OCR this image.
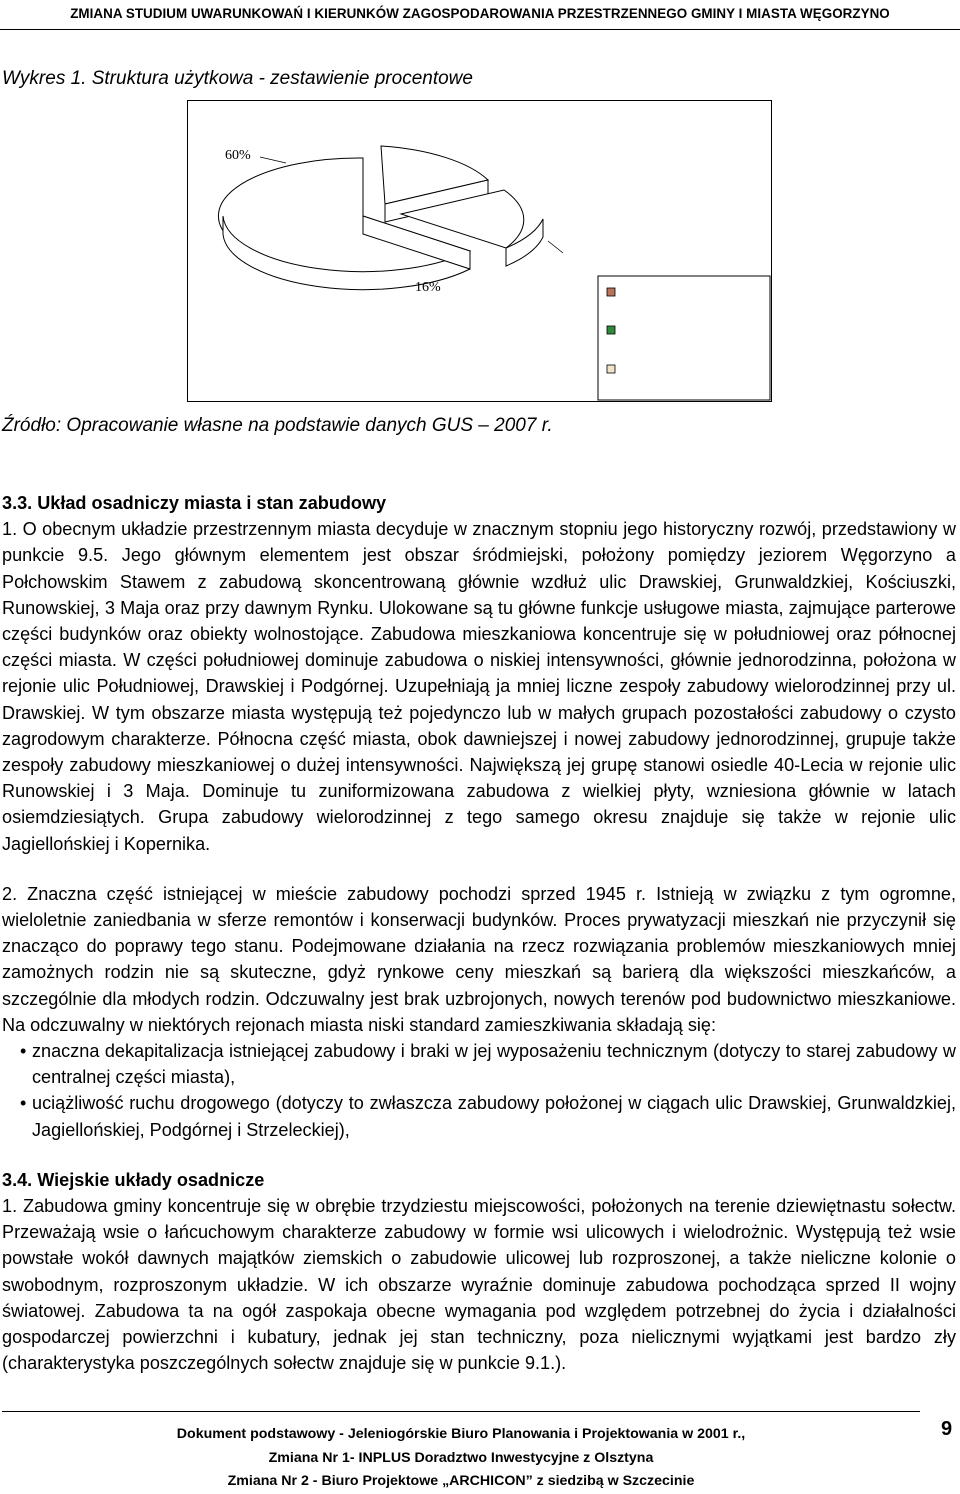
ZMIANA STUDIUM UWARUNKOWAŃ I KIERUNKÓW ZAGOSPODAROWANIA PRZESTRZENNEGO GMINY I MIASTA WĘGORZYNO
Wykres 1. Struktura użytkowa - zestawienie procentowe
60%
16%
Źródło: Opracowanie własne na podstawie danych GUS – 2007 r.

3.3. Układ osadniczy miasta i stan zabudowy

1. O obecnym układzie przestrzennym miasta decyduje w znacznym stopniu jego historyczny rozwój, przedstawiony w punkcie 9.5. Jego głównym elementem jest obszar śródmiejski, położony pomiędzy jeziorem Węgorzyno a Połchowskim Stawem z zabudową skoncentrowaną głównie wzdłuż ulic Drawskiej, Grunwaldzkiej, Kościuszki, Runowskiej, 3 Maja oraz przy dawnym Rynku. Ulokowane są tu główne funkcje usługowe miasta, zajmujące parterowe części budynków oraz obiekty wolnostojące. Zabudowa mieszkaniowa koncentruje się w południowej oraz północnej części miasta. W części południowej dominuje zabudowa o niskiej intensywności, głównie jednorodzinna, położona w rejonie ulic Południowej, Drawskiej i Podgórnej. Uzupełniają ja mniej liczne zespoły zabudowy wielorodzinnej przy ul. Drawskiej. W tym obszarze miasta występują też pojedynczo lub w małych grupach pozostałości zabudowy o czysto zagrodowym charakterze. Północna część miasta, obok dawniejszej i nowej zabudowy jednorodzinnej, grupuje także zespoły zabudowy mieszkaniowej o dużej intensywności. Największą jej grupę stanowi osiedle 40-Lecia w rejonie ulic Runowskiej i 3 Maja. Dominuje tu zuniformizowana zabudowa z wielkiej płyty, wzniesiona głównie w latach osiemdziesiątych. Grupa zabudowy wielorodzinnej z tego samego okresu znajduje się także w rejonie ulic Jagiellońskiej i Kopernika.

2. Znaczna część istniejącej w mieście zabudowy pochodzi sprzed 1945 r. Istnieją w związku z tym ogromne, wieloletnie zaniedbania w sferze remontów i konserwacji budynków. Proces prywatyzacji mieszkań nie przyczynił się znacząco do poprawy tego stanu. Podejmowane działania na rzecz rozwiązania problemów mieszkaniowych mniej zamożnych rodzin nie są skuteczne, gdyż rynkowe ceny mieszkań są barierą dla większości mieszkańców, a szczególnie dla młodych rodzin. Odczuwalny jest brak uzbrojonych, nowych terenów pod budownictwo mieszkaniowe. Na odczuwalny w niektórych rejonach miasta niski standard zamieszkiwania składają się:

• znaczna dekapitalizacja istniejącej zabudowy i braki w jej wyposażeniu technicznym (dotyczy to starej zabudowy w centralnej części miasta),
• uciążliwość ruchu drogowego (dotyczy to zwłaszcza zabudowy położonej w ciągach ulic Drawskiej, Grunwaldzkiej, Jagiellońskiej, Podgórnej i Strzeleckiej),

3.4. Wiejskie układy osadnicze

1. Zabudowa gminy koncentruje się w obrębie trzydziestu miejscowości, położonych na terenie dziewiętnastu sołectw. Przeważają wsie o łańcuchowym charakterze zabudowy w formie wsi ulicowych i wielodrożnic. Występują też wsie powstałe wokół dawnych majątków ziemskich o zabudowie ulicowej lub rozproszonej, a także nieliczne kolonie o swobodnym, rozproszonym układzie. W ich obszarze wyraźnie dominuje zabudowa pochodząca sprzed II wojny światowej. Zabudowa ta na ogół zaspokaja obecne wymagania pod względem potrzebnej do życia i działalności gospodarczej powierzchni i kubatury, jednak jej stan techniczny, poza nielicznymi wyjątkami jest bardzo zły (charakterystyka poszczególnych sołectw znajduje się w punkcie 9.1.).

Dokument podstawowy - Jeleniogórskie Biuro Planowania i Projektowania w 2001 r.,
Zmiana Nr 1- INPLUS Doradztwo Inwestycyjne z Olsztyna
Zmiana Nr 2 - Biuro Projektowe „ARCHICON” z siedzibą w Szczecinie
9
